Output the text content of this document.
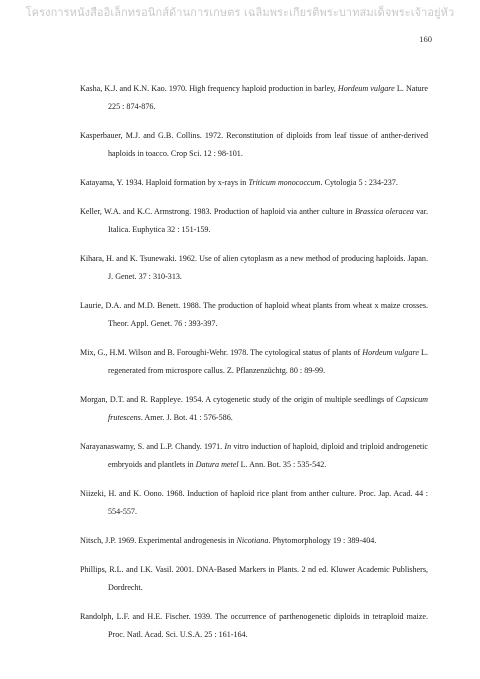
โครงการหนังสืออิเล็กทรอนิกส์ด้านการเกษตร เฉลิมพระเกียรติพระบาทสมเด็จพระเจ้าอยู่หัว
160
Kasha, K.J. and K.N. Kao. 1970. High frequency haploid production in barley, Hordeum vulgare L. Nature 225 : 874-876.
Kasperbauer, M.J. and G.B. Collins. 1972. Reconstitution of diploids from leaf tissue of anther-derived haploids in toacco. Crop Sci. 12 : 98-101.
Katayama, Y. 1934. Haploid formation by x-rays in Triticum monococcum. Cytologia 5 : 234-237.
Keller, W.A. and K.C. Armstrong. 1983. Production of haploid via anther culture in Brassica oleracea var. Italica. Euphytica 32 : 151-159.
Kihara, H. and K. Tsunewaki. 1962. Use of alien cytoplasm as a new method of producing haploids. Japan. J. Genet. 37 : 310-313.
Laurie, D.A. and M.D. Benett. 1988. The production of haploid wheat plants from wheat x maize crosses. Theor. Appl. Genet. 76 : 393-397.
Mix, G., H.M. Wilson and B. Foroughi-Wehr. 1978. The cytological status of plants of Hordeum vulgare L. regenerated from microspore callus. Z. Pflanzenzüchtg. 80 : 89-99.
Morgan, D.T. and R. Rappleye. 1954. A cytogenetic study of the origin of multiple seedlings of Capsicum frutescens. Amer. J. Bot. 41 : 576-586.
Narayanaswamy, S. and L.P. Chandy. 1971. In vitro induction of haploid, diploid and triploid androgenetic embryoids and plantlets in Datura metel L. Ann. Bot. 35 : 535-542.
Niizeki, H. and K. Oono. 1968. Induction of haploid rice plant from anther culture. Proc. Jap. Acad. 44 : 554-557.
Nitsch, J.P. 1969. Experimental androgenesis in Nicotiana. Phytomorphology 19 : 389-404.
Phillips, R.L. and I.K. Vasil. 2001. DNA-Based Markers in Plants. 2 nd ed. Kluwer Academic Publishers, Dordrecht.
Randolph, L.F. and H.E. Fischer. 1939. The occurrence of parthenogenetic diploids in tetraploid maize. Proc. Natl. Acad. Sci. U.S.A. 25 : 161-164.
